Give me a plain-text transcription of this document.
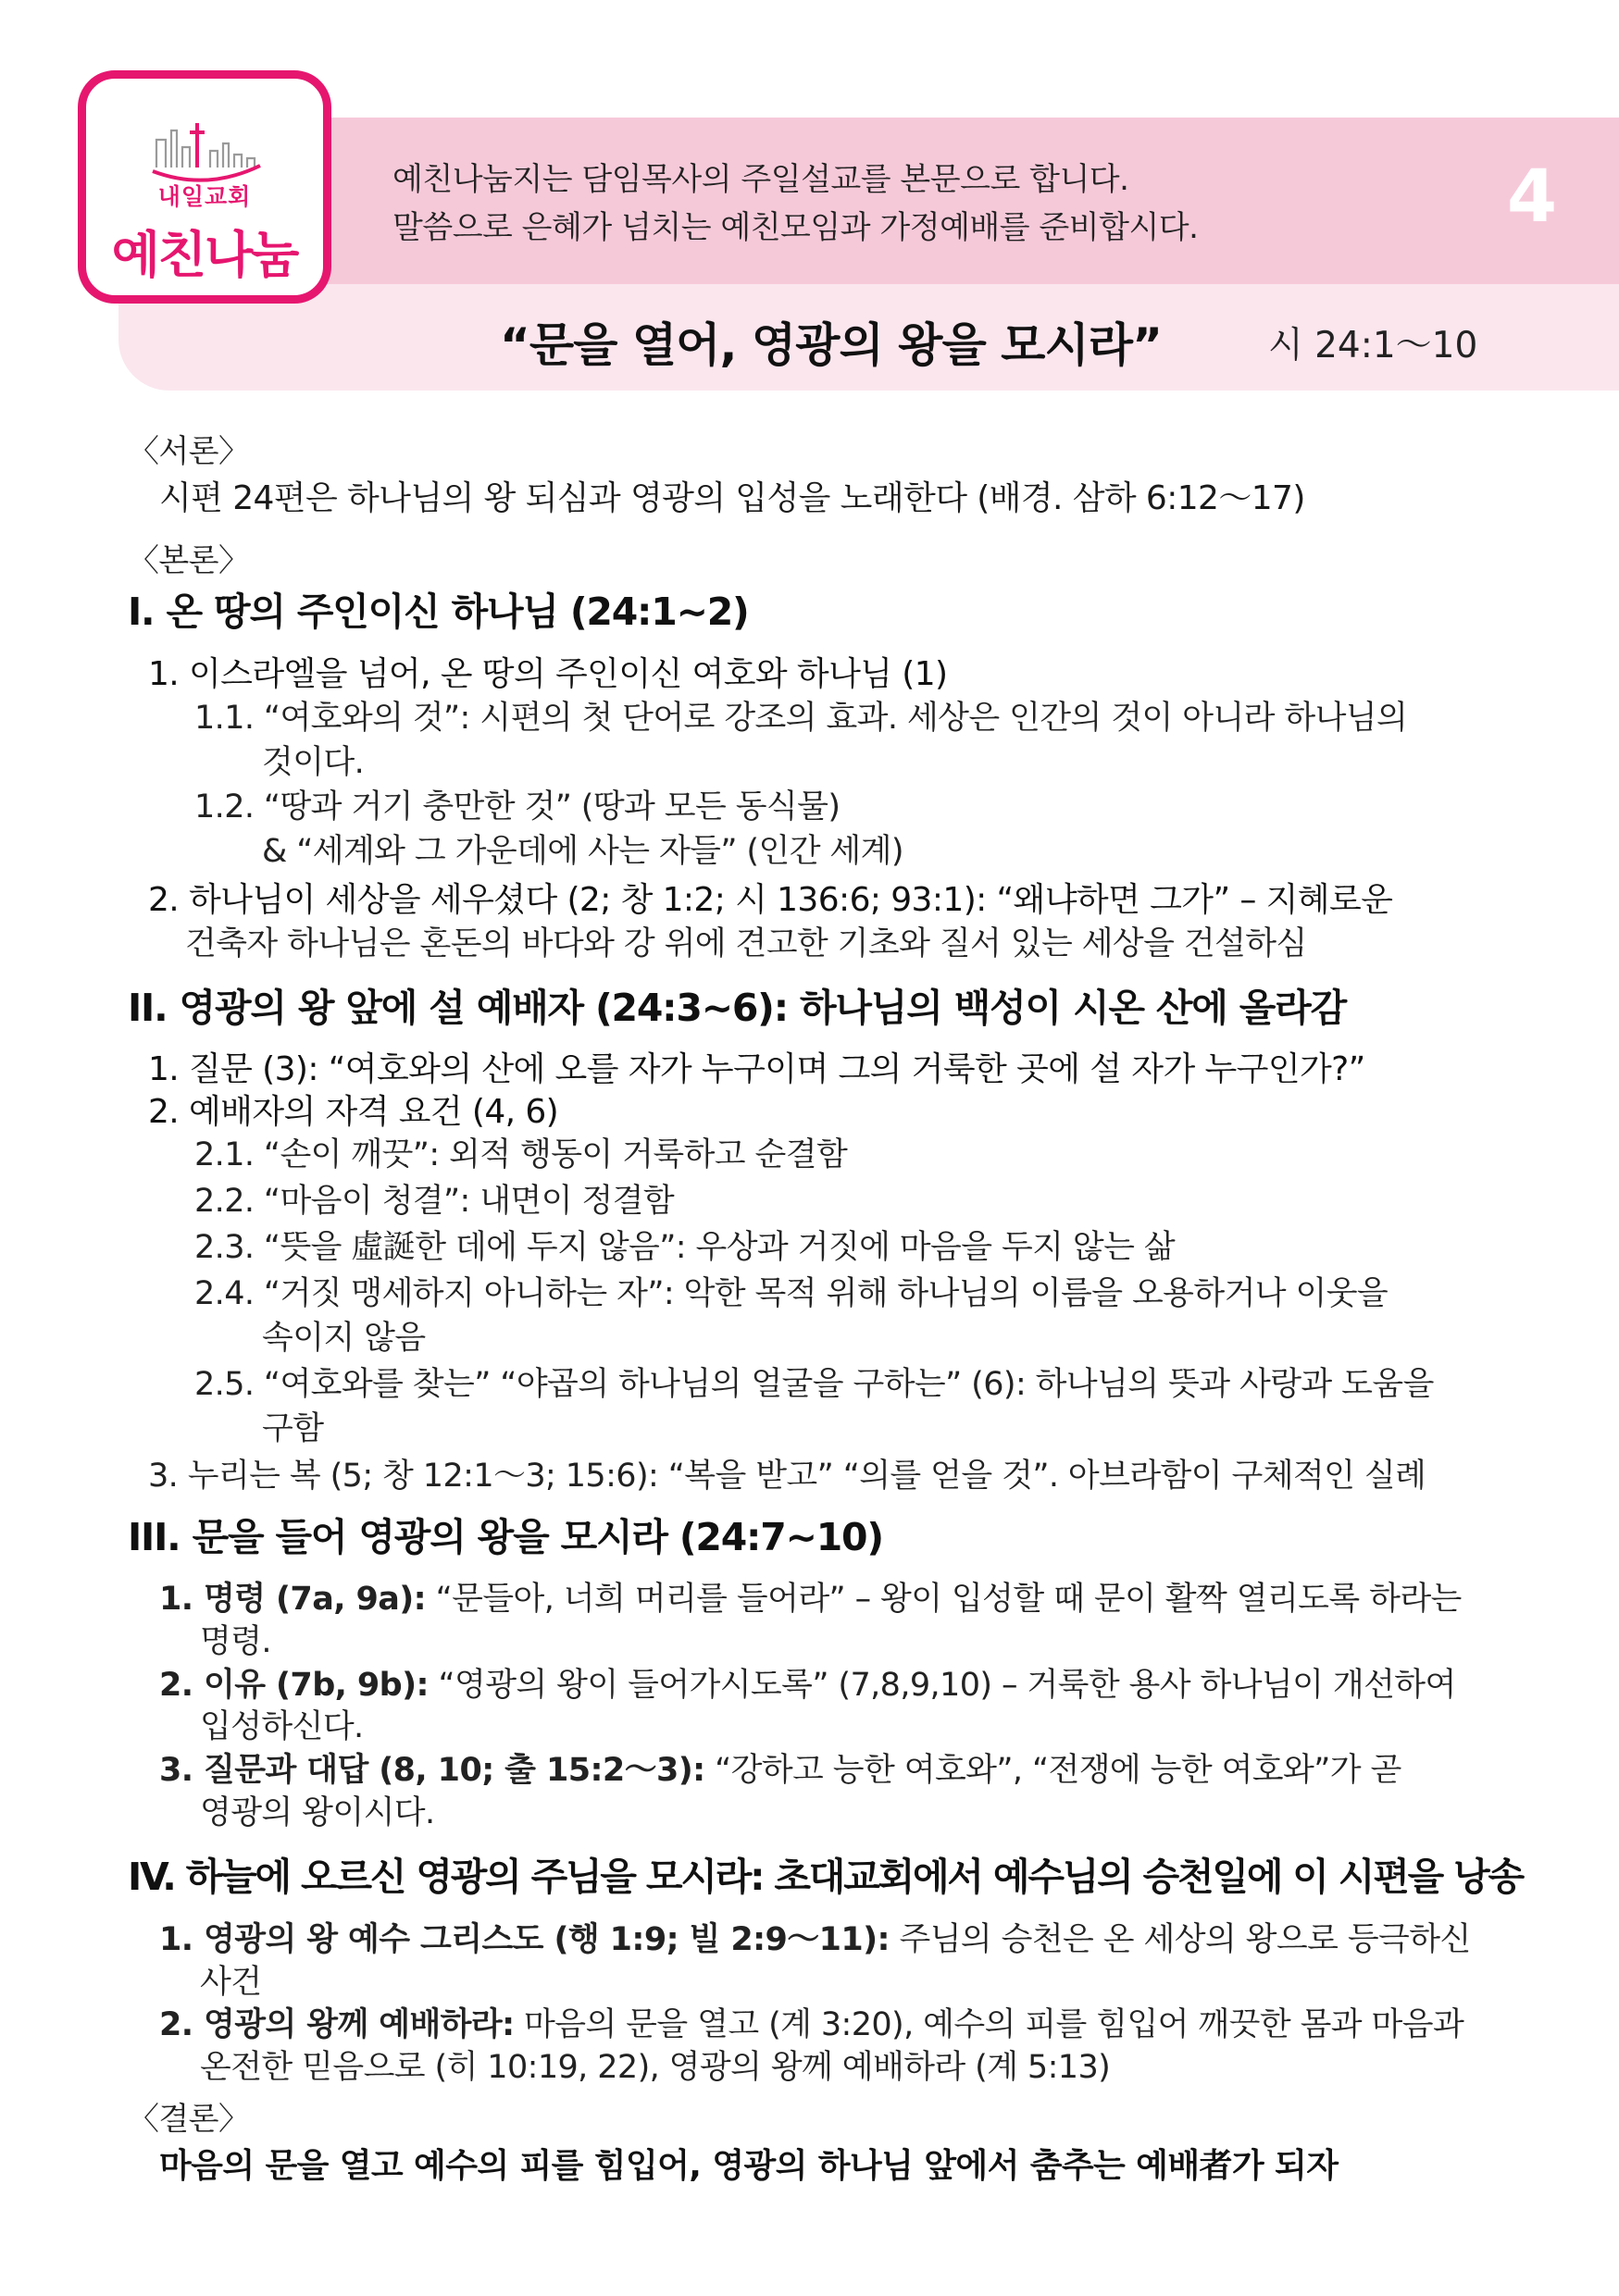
내일교회
예친나눔
예친나눔지는 담임목사의 주일설교를 본문으로 합니다.
말씀으로 은혜가 넘치는 예친모임과 가정예배를 준비합시다.	4
“문을 열어, 영광의 왕을 모시라”	시 24:1～10
〈서론〉
시편 24편은 하나님의 왕 되심과 영광의 입성을 노래한다 (배경. 삼하 6:12～17)
〈본론〉
I. 온 땅의 주인이신 하나님 (24:1~2)
1. 이스라엘을 넘어, 온 땅의 주인이신 여호와 하나님 (1)
1.1. “여호와의 것”: 시편의 첫 단어로 강조의 효과. 세상은 인간의 것이 아니라 하나님의
것이다.
1.2. “땅과 거기 충만한 것” (땅과 모든 동식물)
& “세계와 그 가운데에 사는 자들” (인간 세계)
2. 하나님이 세상을 세우셨다 (2; 창 1:2; 시 136:6; 93:1): “왜냐하면 그가” – 지혜로운
건축자 하나님은 혼돈의 바다와 강 위에 견고한 기초와 질서 있는 세상을 건설하심
II. 영광의 왕 앞에 설 예배자 (24:3~6): 하나님의 백성이 시온 산에 올라감
1. 질문 (3): “여호와의 산에 오를 자가 누구이며 그의 거룩한 곳에 설 자가 누구인가?”
2. 예배자의 자격 요건 (4, 6)
2.1. “손이 깨끗”: 외적 행동이 거룩하고 순결함
2.2. “마음이 청결”: 내면이 정결함
2.3. “뜻을 虛誕한 데에 두지 않음”: 우상과 거짓에 마음을 두지 않는 삶
2.4. “거짓 맹세하지 아니하는 자”: 악한 목적 위해 하나님의 이름을 오용하거나 이웃을
속이지 않음
2.5. “여호와를 찾는” “야곱의 하나님의 얼굴을 구하는” (6): 하나님의 뜻과 사랑과 도움을
구함
3. 누리는 복 (5; 창 12:1～3; 15:6): “복을 받고” “의를 얻을 것”. 아브라함이 구체적인 실례
III. 문을 들어 영광의 왕을 모시라 (24:7~10)
1. 명령 (7a, 9a): “문들아, 너희 머리를 들어라” – 왕이 입성할 때 문이 활짝 열리도록 하라는
명령.
2. 이유 (7b, 9b): “영광의 왕이 들어가시도록” (7,8,9,10) – 거룩한 용사 하나님이 개선하여
입성하신다.
3. 질문과 대답 (8, 10; 출 15:2～3): “강하고 능한 여호와”, “전쟁에 능한 여호와”가 곧
영광의 왕이시다.
IV. 하늘에 오르신 영광의 주님을 모시라: 초대교회에서 예수님의 승천일에 이 시편을 낭송
1. 영광의 왕 예수 그리스도 (행 1:9; 빌 2:9～11): 주님의 승천은 온 세상의 왕으로 등극하신
사건
2. 영광의 왕께 예배하라: 마음의 문을 열고 (계 3:20), 예수의 피를 힘입어 깨끗한 몸과 마음과
온전한 믿음으로 (히 10:19, 22), 영광의 왕께 예배하라 (계 5:13)
〈결론〉
마음의 문을 열고 예수의 피를 힘입어, 영광의 하나님 앞에서 춤추는 예배者가 되자
